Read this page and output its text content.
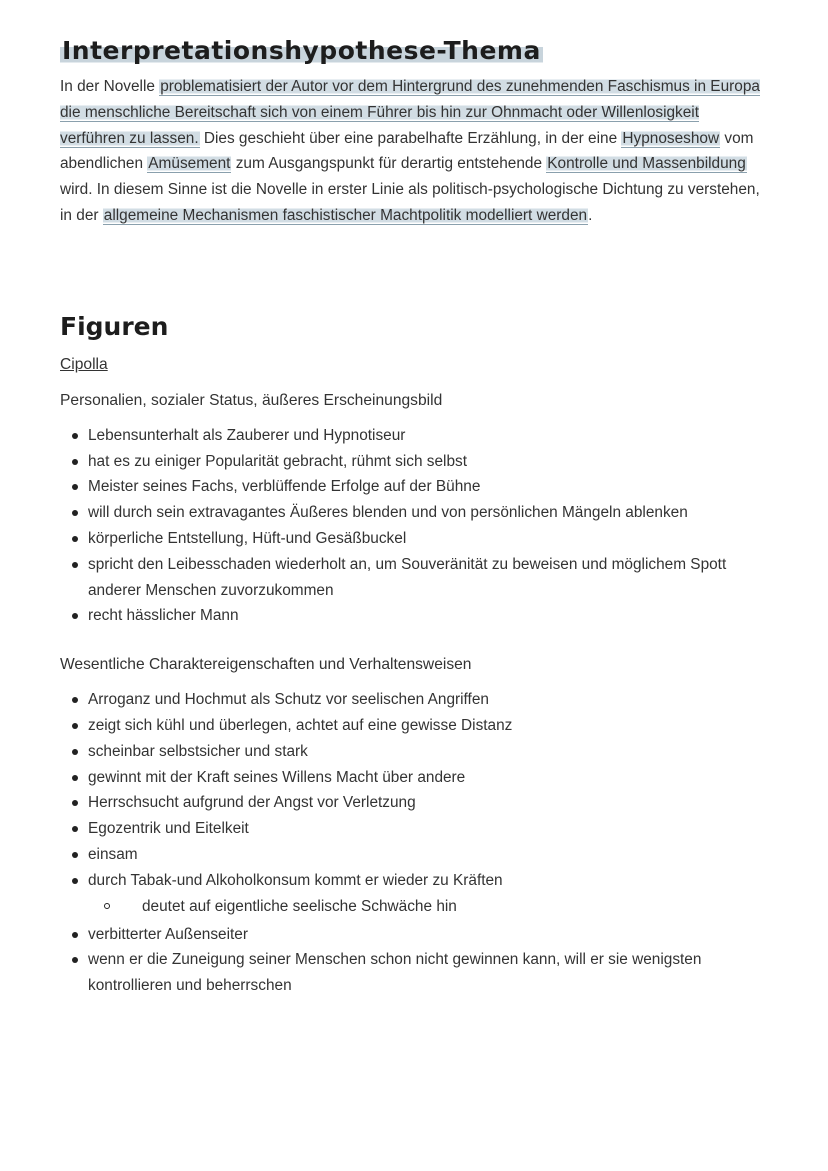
Interpretationshypothese-Thema

In der Novelle problematisiert der Autor vor dem Hintergrund des zunehmenden Faschismus in Europa die menschliche Bereitschaft sich von einem Führer bis hin zur Ohnmacht oder Willenlosigkeit verführen zu lassen. Dies geschieht über eine parabelhafte Erzählung, in der eine Hypnoseshow vom abendlichen Amüsement zum Ausgangspunkt für derartig entstehende Kontrolle und Massenbildung wird. In diesem Sinne ist die Novelle in erster Linie als politisch-psychologische Dichtung zu verstehen, in der allgemeine Mechanismen faschistischer Machtpolitik modelliert werden.

Figuren

Cipolla

Personalien, sozialer Status, äußeres Erscheinungsbild

Lebensunterhalt als Zauberer und Hypnotiseur
hat es zu einiger Popularität gebracht, rühmt sich selbst
Meister seines Fachs, verblüffende Erfolge auf der Bühne
will durch sein extravagantes Äußeres blenden und von persönlichen Mängeln ablenken
körperliche Entstellung, Hüft-und Gesäßbuckel
spricht den Leibesschaden wiederholt an, um Souveränität zu beweisen und möglichem Spott anderer Menschen zuvorzukommen
recht hässlicher Mann

Wesentliche Charaktereigenschaften und Verhaltensweisen

Arroganz und Hochmut als Schutz vor seelischen Angriffen
zeigt sich kühl und überlegen, achtet auf eine gewisse Distanz
scheinbar selbstsicher und stark
gewinnt mit der Kraft seines Willens Macht über andere
Herrschsucht aufgrund der Angst vor Verletzung
Egozentrik und Eitelkeit
einsam
durch Tabak-und Alkoholkonsum kommt er wieder zu Kräften
deutet auf eigentliche seelische Schwäche hin
verbitterter Außenseiter
wenn er die Zuneigung seiner Menschen schon nicht gewinnen kann, will er sie wenigsten kontrollieren und beherrschen
